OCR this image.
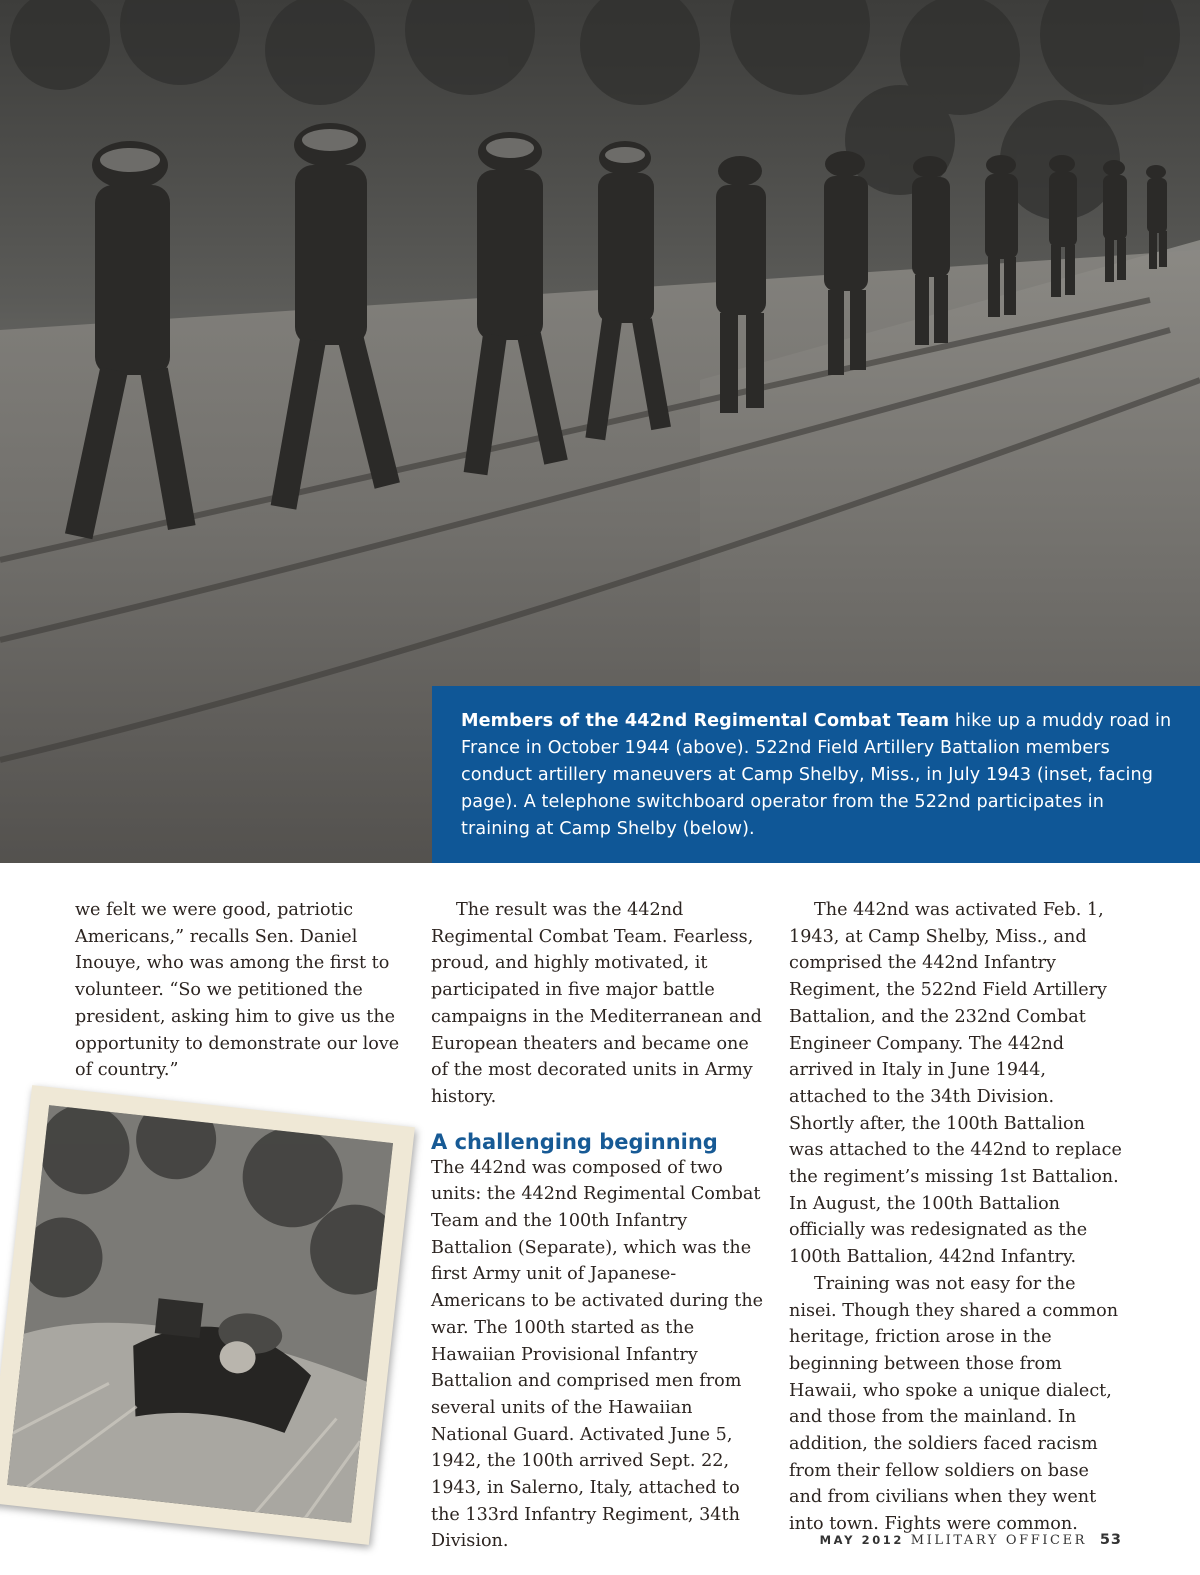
Members of the 442nd Regimental Combat Team hike up a muddy road in France in October 1944 (above). 522nd Field Artillery Battalion members conduct artillery maneuvers at Camp Shelby, Miss., in July 1943 (inset, facing page). A telephone switchboard operator from the 522nd participates in training at Camp Shelby (below).

we felt we were good, patriotic Americans,” recalls Sen. Daniel Inouye, who was among the first to volunteer. “So we petitioned the president, asking him to give us the opportunity to demonstrate our love of country.”

The result was the 442nd Regimental Combat Team. Fearless, proud, and highly motivated, it participated in five major battle campaigns in the Mediterranean and European theaters and became one of the most decorated units in Army history.

A challenging beginning

The 442nd was composed of two units: the 442nd Regimental Combat Team and the 100th Infantry Battalion (Separate), which was the first Army unit of Japanese-Americans to be activated during the war. The 100th started as the Hawaiian Provisional Infantry Battalion and comprised men from several units of the Hawaiian National Guard. Activated June 5, 1942, the 100th arrived Sept. 22, 1943, in Salerno, Italy, attached to the 133rd Infantry Regiment, 34th Division.

The 442nd was activated Feb. 1, 1943, at Camp Shelby, Miss., and comprised the 442nd Infantry Regiment, the 522nd Field Artillery Battalion, and the 232nd Combat Engineer Company. The 442nd arrived in Italy in June 1944, attached to the 34th Division. Shortly after, the 100th Battalion was attached to the 442nd to replace the regiment’s missing 1st Battalion. In August, the 100th Battalion officially was redesignated as the 100th Battalion, 442nd Infantry.

Training was not easy for the nisei. Though they shared a common heritage, friction arose in the beginning between those from Hawaii, who spoke a unique dialect, and those from the mainland. In addition, the soldiers faced racism from their fellow soldiers on base and from civilians when they went into town. Fights were common.

MAY 2012 MILITARY OFFICER 53
